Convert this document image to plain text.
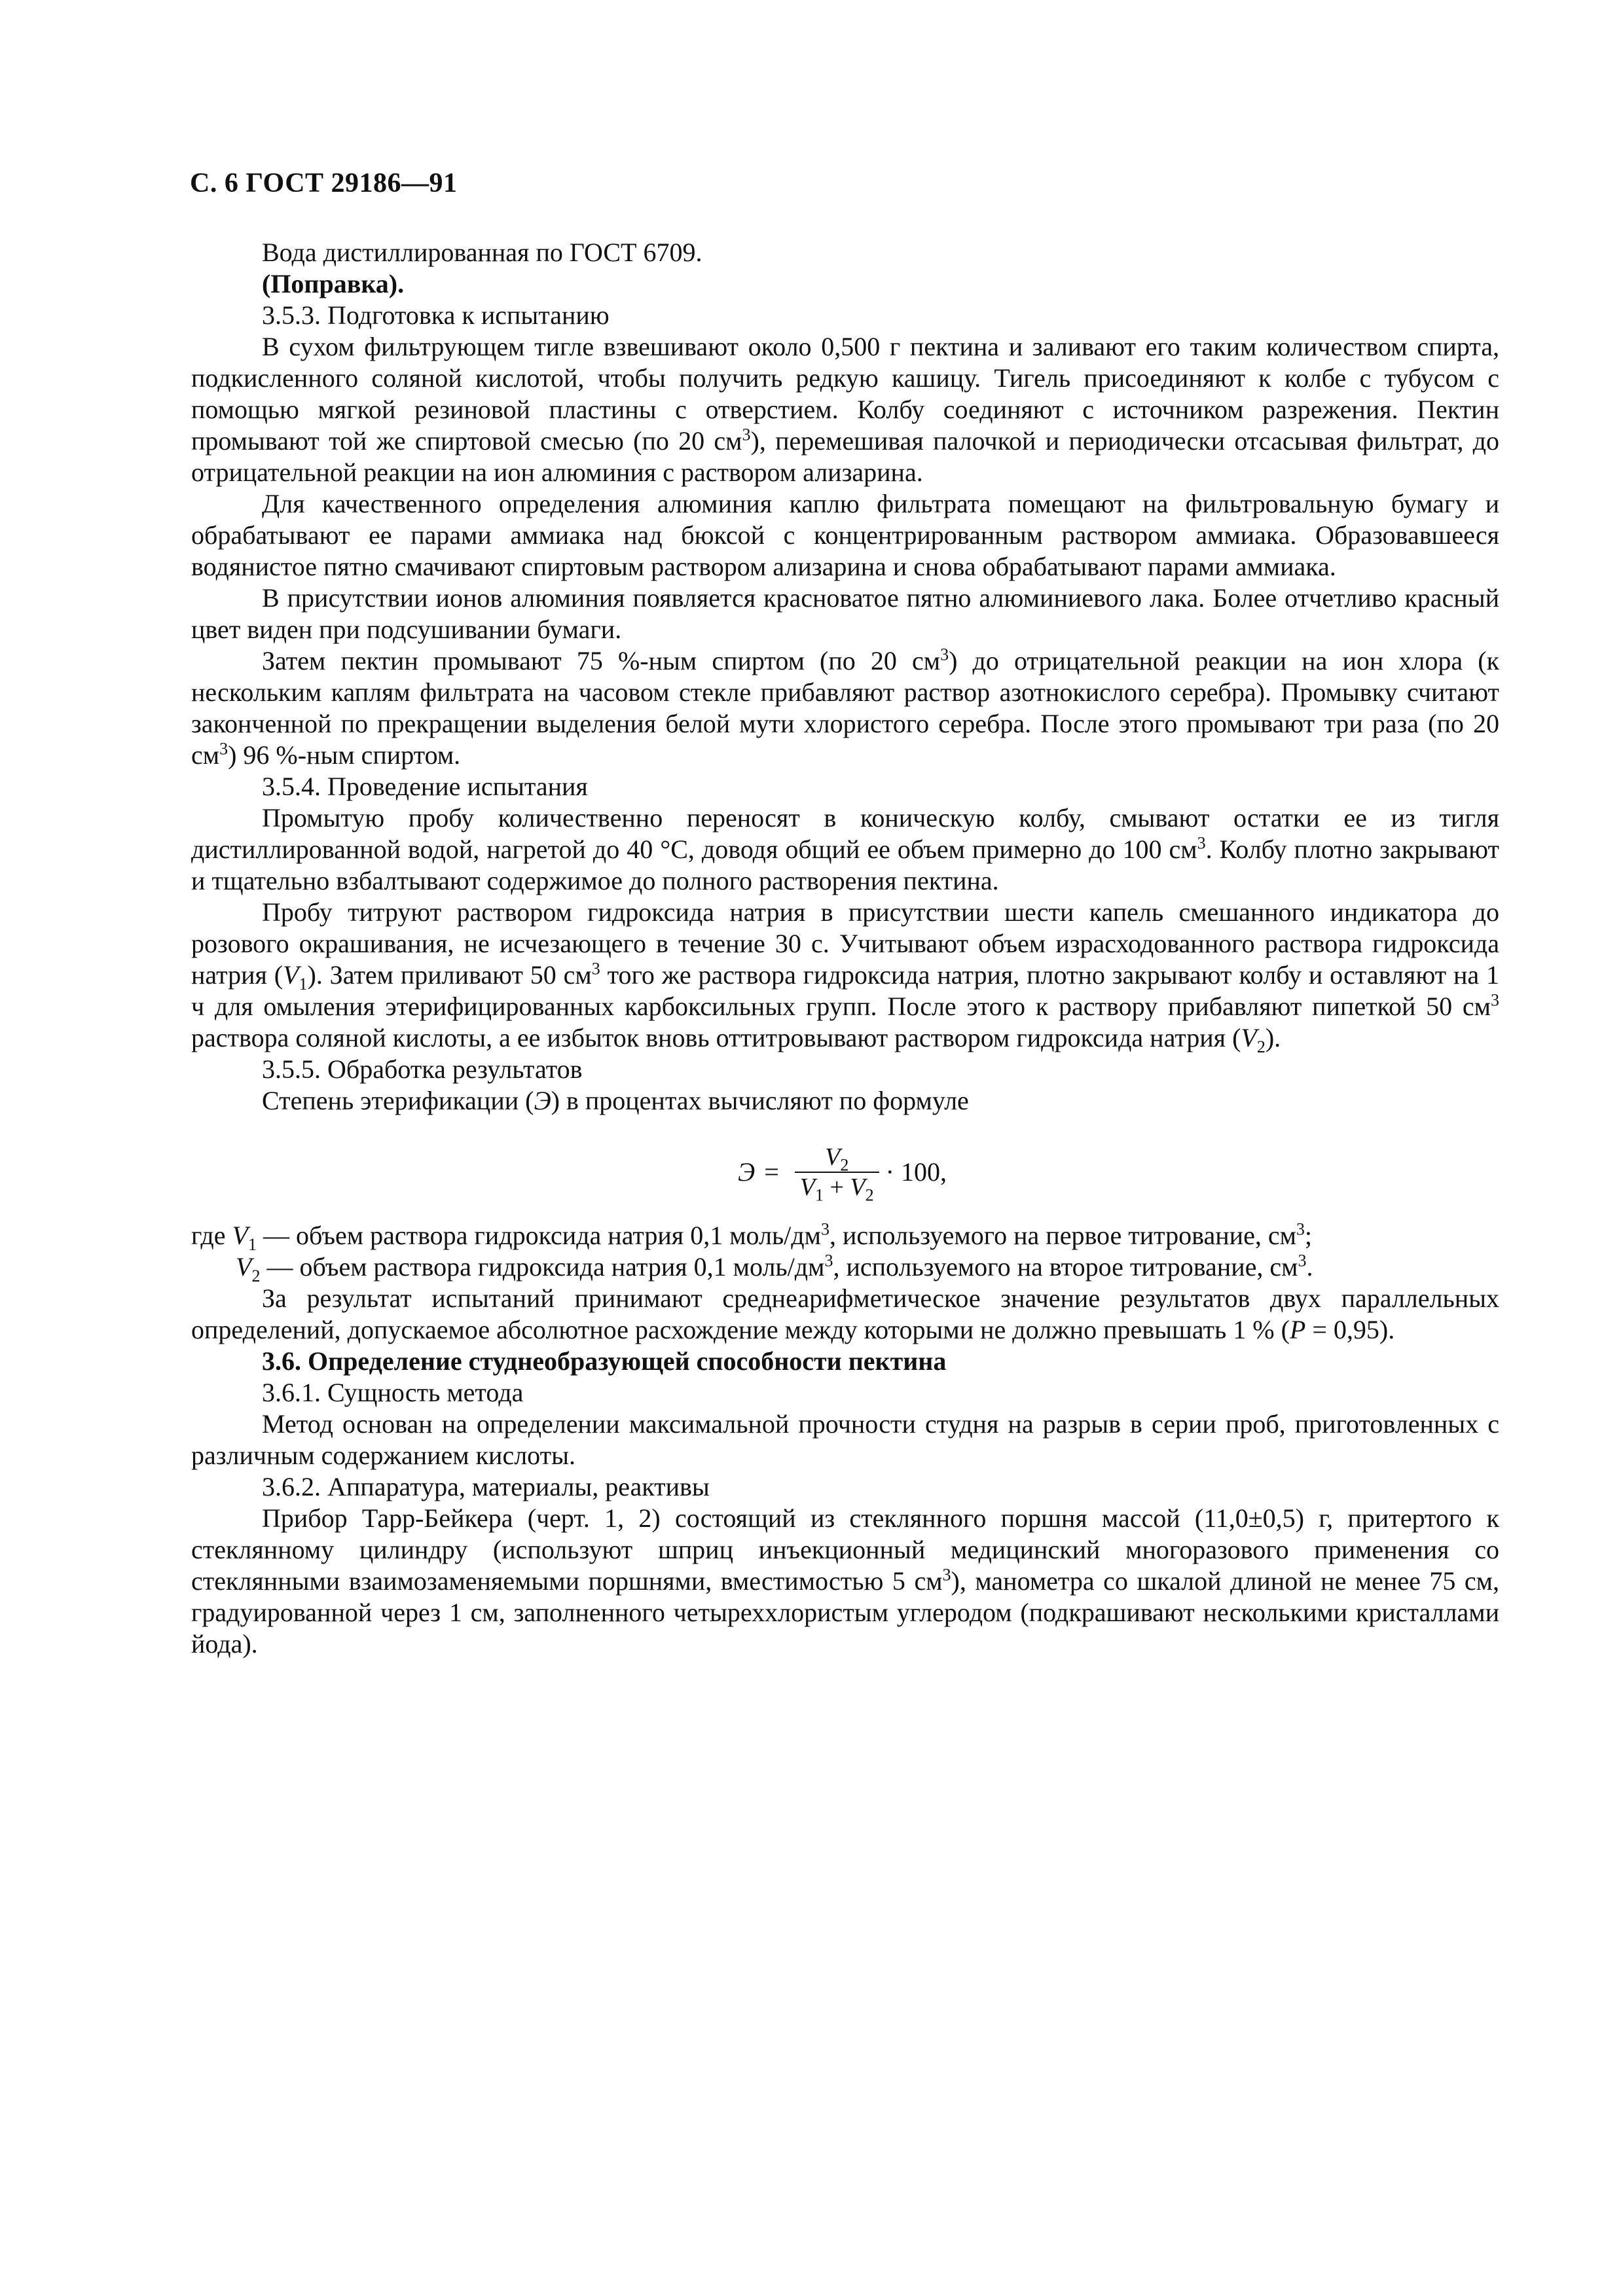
С. 6 ГОСТ 29186—91

Вода дистиллированная по ГОСТ 6709.

(Поправка).

3.5.3. Подготовка к испытанию

В сухом фильтрующем тигле взвешивают около 0,500 г пектина и заливают его таким количеством спирта, подкисленного соляной кислотой, чтобы получить редкую кашицу. Тигель присоединяют к колбе с тубусом с помощью мягкой резиновой пластины с отверстием. Колбу соединяют с источником разрежения. Пектин промывают той же спиртовой смесью (по 20 $см^3$), перемешивая палочкой и периодически отсасывая фильтрат, до отрицательной реакции на ион алюминия с раствором ализарина.

Для качественного определения алюминия каплю фильтрата помещают на фильтровальную бумагу и обрабатывают ее парами аммиака над бюксой с концентрированным раствором аммиака. Образовавшееся водянистое пятно смачивают спиртовым раствором ализарина и снова обрабатывают парами аммиака.

В присутствии ионов алюминия появляется красноватое пятно алюминиевого лака. Более отчетливо красный цвет виден при подсушивании бумаги.

Затем пектин промывают 75 %-ным спиртом (по 20 $см^3$) до отрицательной реакции на ион хлора (к нескольким каплям фильтрата на часовом стекле прибавляют раствор азотнокислого серебра). Промывку считают законченной по прекращении выделения белой мути хлористого серебра. После этого промывают три раза (по 20 $см^3$) 96 %-ным спиртом.

3.5.4. Проведение испытания

Промытую пробу количественно переносят в коническую колбу, смывают остатки ее из тигля дистиллированной водой, нагретой до 40 °С, доводя общий ее объем примерно до 100 $см^3$. Колбу плотно закрывают и тщательно взбалтывают содержимое до полного растворения пектина.

Пробу титруют раствором гидроксида натрия в присутствии шести капель смешанного индикатора до розового окрашивания, не исчезающего в течение 30 с. Учитывают объем израсходованного раствора гидроксида натрия $(V_1)$. Затем приливают 50 $см^3$ того же раствора гидроксида натрия, плотно закрывают колбу и оставляют на 1 ч для омыления этерифицированных карбоксильных групп. После этого к раствору прибавляют пипеткой 50 $см^3$ раствора соляной кислоты, а ее избыток вновь оттитровывают раствором гидроксида натрия $(V_2)$.

3.5.5. Обработка результатов

Степень этерификации (Э) в процентах вычисляют по формуле

$Э = \frac{V_2}{V_1 + V_2} \cdot 100$,

где $V_1$ — объем раствора гидроксида натрия 0,1 моль/$дм^3$, используемого на первое титрование, $см^3$;

$V_2$ — объем раствора гидроксида натрия 0,1 моль/$дм^3$, используемого на второе титрование, $см^3$.

За результат испытаний принимают среднеарифметическое значение результатов двух параллельных определений, допускаемое абсолютное расхождение между которыми не должно превышать 1 % (P = 0,95).

3.6. Определение студнеобразующей способности пектина

3.6.1. Сущность метода

Метод основан на определении максимальной прочности студня на разрыв в серии проб, приготовленных с различным содержанием кислоты.

3.6.2. Аппаратура, материалы, реактивы

Прибор Тарр-Бейкера (черт. 1, 2) состоящий из стеклянного поршня массой (11,0±0,5) г, притертого к стеклянному цилиндру (используют шприц инъекционный медицинский многоразового применения со стеклянными взаимозаменяемыми поршнями, вместимостью 5 $см^3$), манометра со шкалой длиной не менее 75 см, градуированной через 1 см, заполненного четыреххлористым углеродом (подкрашивают несколькими кристаллами йода).
